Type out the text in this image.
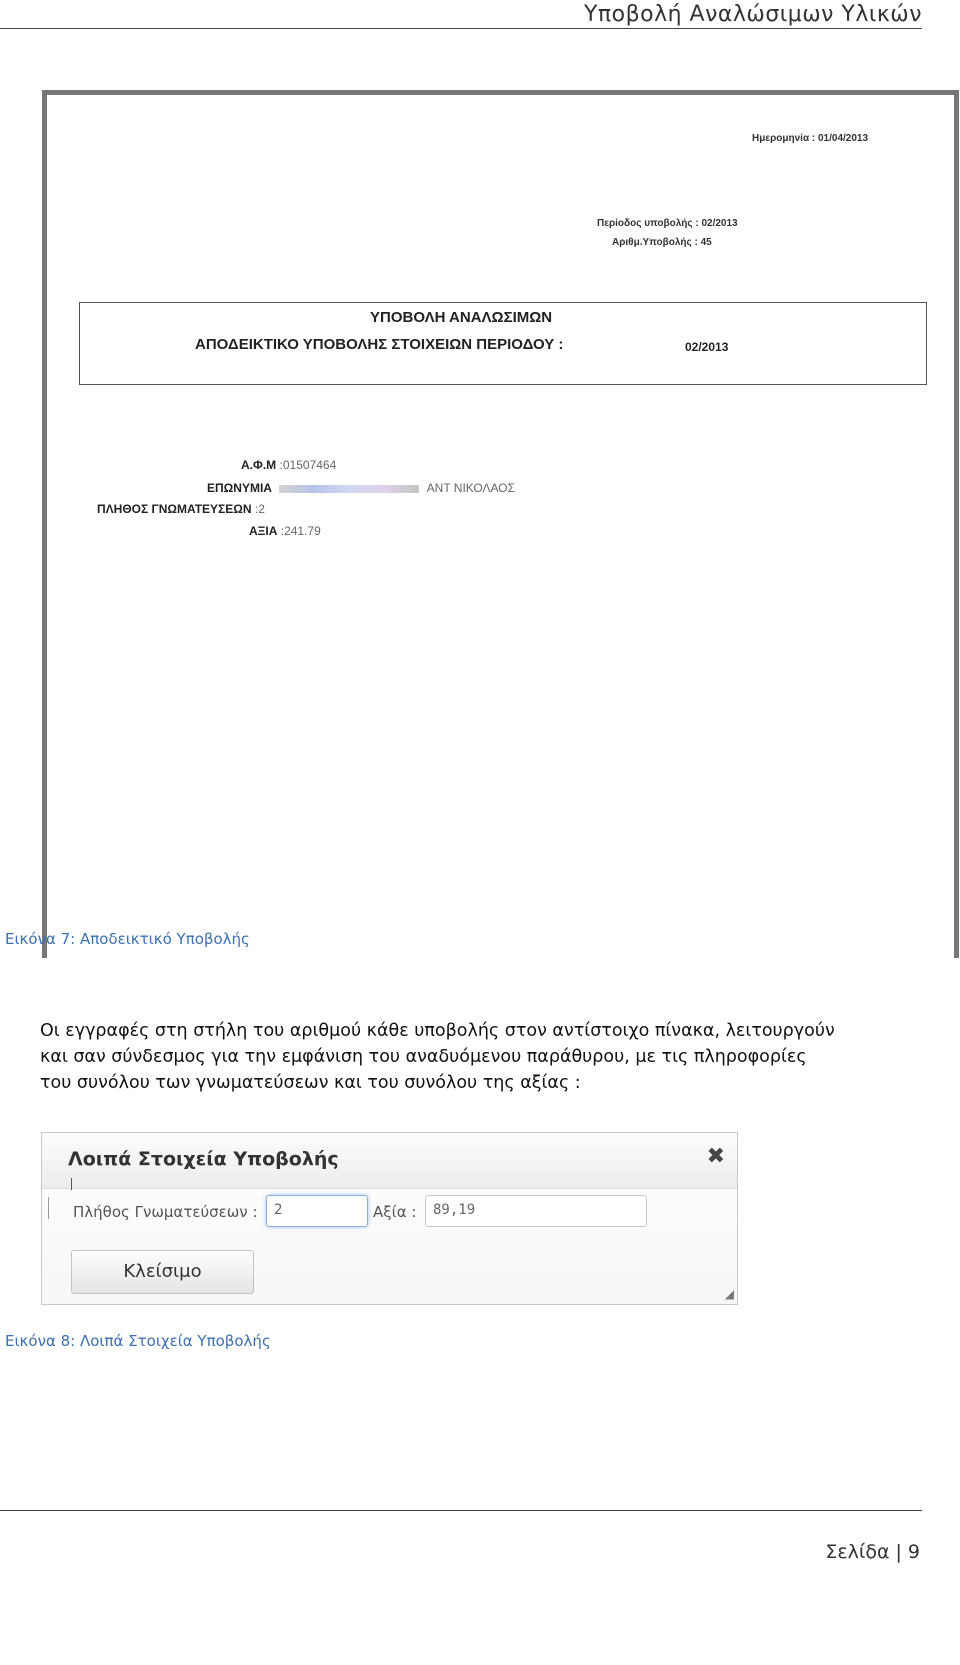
Υποβολή Αναλώσιμων Υλικών
Ημερομηνία : 01/04/2013
Περίοδος υποβολής : 02/2013
Αριθμ.Υποβολής : 45
ΥΠΟΒΟΛΗ ΑΝΑΛΩΣΙΜΩΝ
ΑΠΟΔΕΙΚΤΙΚΟ ΥΠΟΒΟΛΗΣ ΣΤΟΙΧΕΙΩΝ ΠΕΡΙΟΔΟΥ :	02/2013
Α.Φ.Μ :01507464
ΕΠΩΝΥΜΙΑ	ΑΝΤ ΝΙΚΟΛΑΟΣ
ΠΛΗΘΟΣ ΓΝΩΜΑΤΕΥΣΕΩΝ :2
ΑΞΙΑ :241.79
Εικόνα 7: Αποδεικτικό Υποβολής
Οι εγγραφές στη στήλη του αριθμού κάθε υποβολής στον αντίστοιχο πίνακα, λειτουργούν
και σαν σύνδεσμος για την εμφάνιση του αναδυόμενου παράθυρου, με τις πληροφορίες
του συνόλου των γνωματεύσεων και του συνόλου της αξίας :
Λοιπά Στοιχεία Υποβολής	✖
Πλήθος Γνωματεύσεων :	2	Αξία :	89,19
Κλείσιμο
◢
Εικόνα 8: Λοιπά Στοιχεία Υποβολής
Σελίδα | 9
